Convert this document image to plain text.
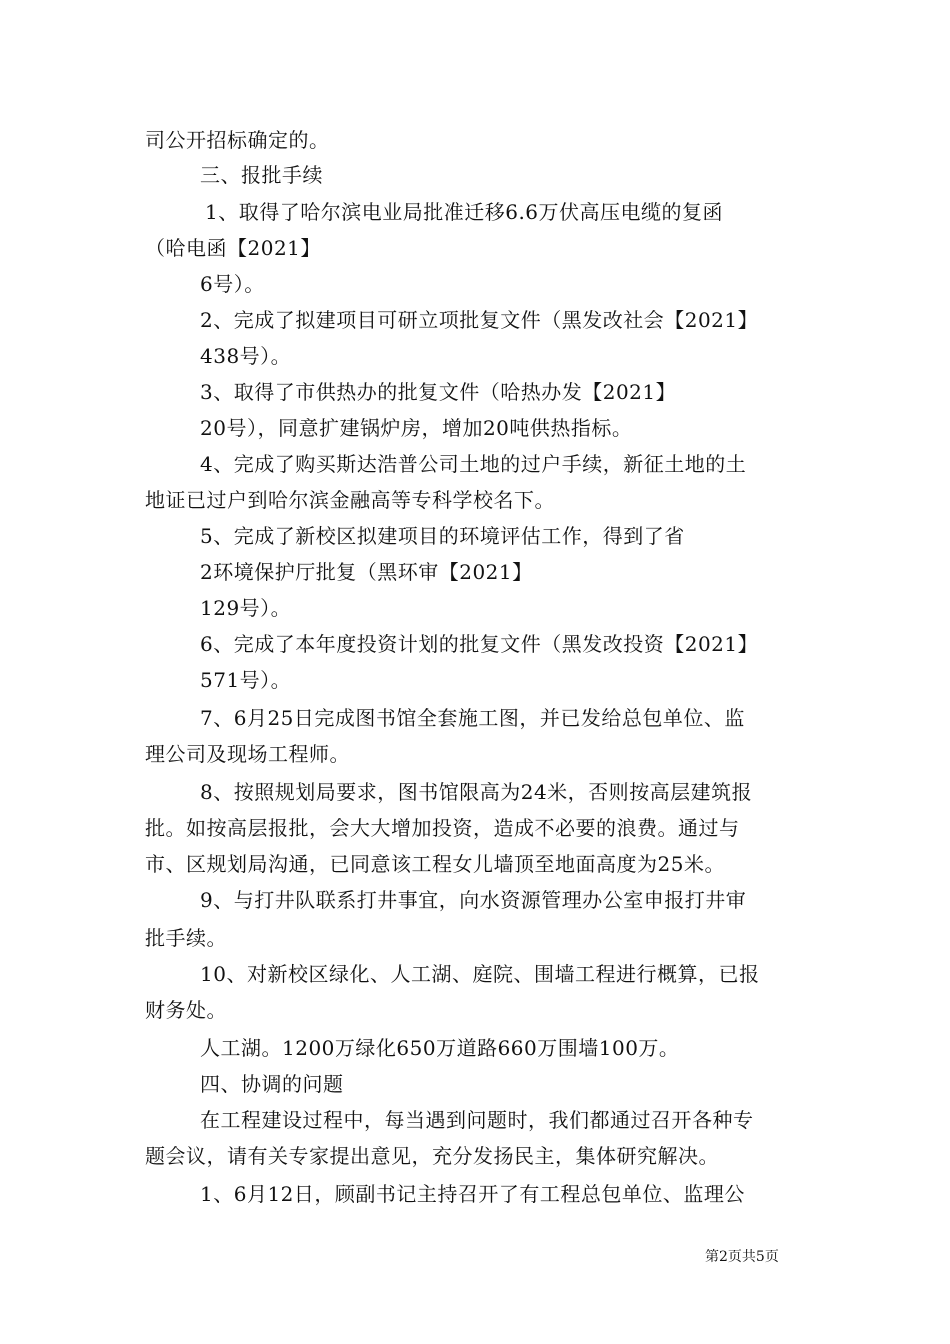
司公开招标确定的。
三、报批手续
1、取得了哈尔滨电业局批准迁移6.6万伏高压电缆的复函
（哈电函【2021】
6号）。
2、完成了拟建项目可研立项批复文件（黑发改社会【2021】
438号）。
3、取得了市供热办的批复文件（哈热办发【2021】
20号），同意扩建锅炉房，增加20吨供热指标。
4、完成了购买斯达浩普公司土地的过户手续，新征土地的土
地证已过户到哈尔滨金融高等专科学校名下。
5、完成了新校区拟建项目的环境评估工作，得到了省
2环境保护厅批复（黑环审【2021】
129号）。
6、完成了本年度投资计划的批复文件（黑发改投资【2021】
571号）。
7、6月25日完成图书馆全套施工图，并已发给总包单位、监
理公司及现场工程师。
8、按照规划局要求，图书馆限高为24米，否则按高层建筑报
批。如按高层报批，会大大增加投资，造成不必要的浪费。通过与
市、区规划局沟通，已同意该工程女儿墙顶至地面高度为25米。
9、与打井队联系打井事宜，向水资源管理办公室申报打井审
批手续。
10、对新校区绿化、人工湖、庭院、围墙工程进行概算，已报
财务处。
人工湖。1200万绿化650万道路660万围墙100万。
四、协调的问题
在工程建设过程中，每当遇到问题时，我们都通过召开各种专
题会议，请有关专家提出意见，充分发扬民主，集体研究解决。
1、6月12日，顾副书记主持召开了有工程总包单位、监理公
第2页共5页
